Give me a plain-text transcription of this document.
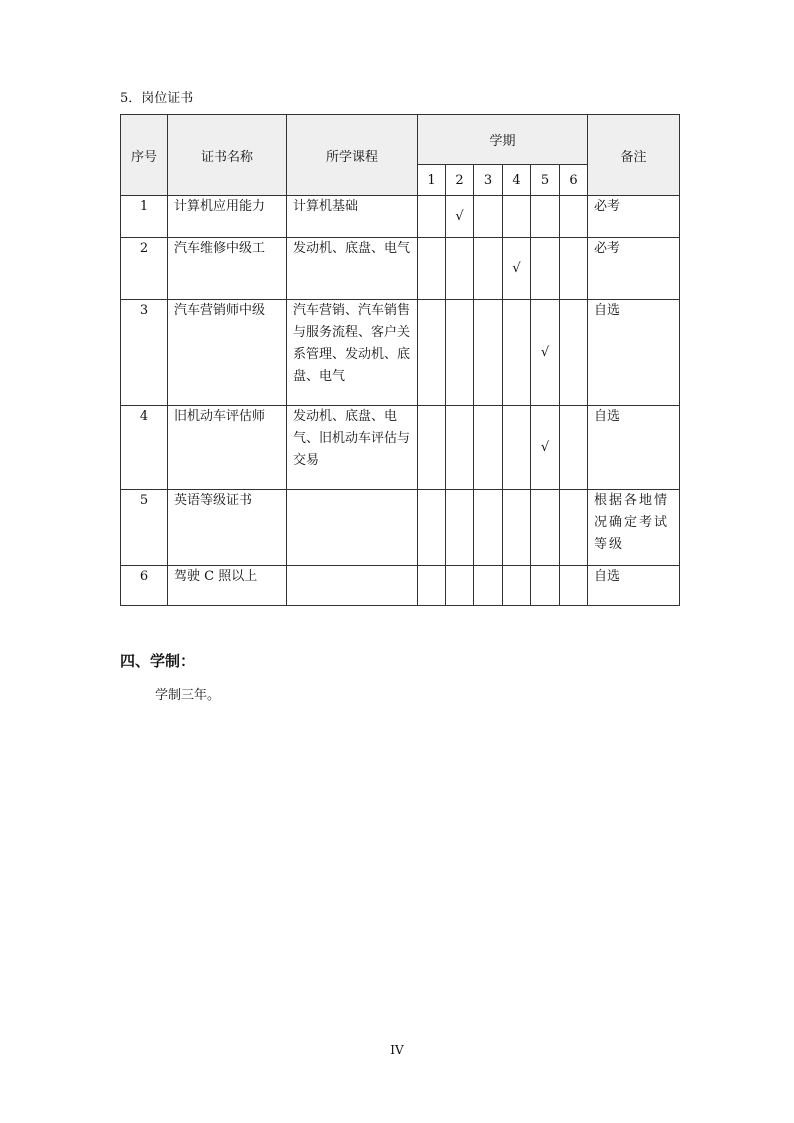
5．岗位证书
序号	证书名称	所学课程	学期						备注
			1	2	3	4	5	6	
1	计算机应用能力	计算机基础		√					必考
2	汽车维修中级工	发动机、底盘、电气				√			必考
3	汽车营销师中级	汽车营销、汽车销售与服务流程、客户关系管理、发动机、底盘、电气					√		自选
4	旧机动车评估师	发动机、底盘、电气、旧机动车评估与交易					√		自选
5	英语等级证书								根据各地情况确定考试等级
6	驾驶 C 照以上								自选
四、学制：
学制三年。
IV
